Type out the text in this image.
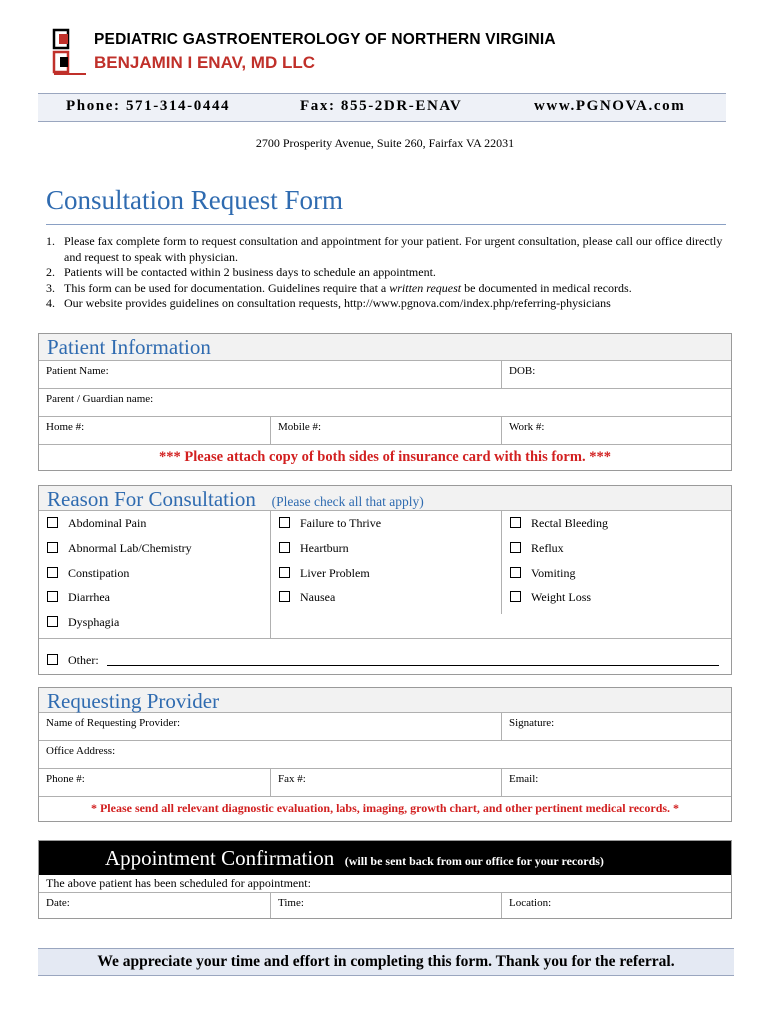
PEDIATRIC GASTROENTEROLOGY OF NORTHERN VIRGINIA
BENJAMIN I ENAV, MD LLC
Phone: 571-314-0444	Fax: 855-2DR-ENAV	www.PGNOVA.com
2700 Prosperity Avenue, Suite 260, Fairfax VA 22031
Consultation Request Form
1. Please fax complete form to request consultation and appointment for your patient. For urgent consultation, please call our office directly and request to speak with physician.
2. Patients will be contacted within 2 business days to schedule an appointment.
3. This form can be used for documentation. Guidelines require that a written request be documented in medical records.
4. Our website provides guidelines on consultation requests, http://www.pgnova.com/index.php/referring-physicians
Patient Information
Patient Name:	DOB:
Parent / Guardian name:
Home #:	Mobile #:	Work #:
*** Please attach copy of both sides of insurance card with this form. ***
Reason For Consultation (Please check all that apply)
Abdominal Pain
Abnormal Lab/Chemistry
Constipation
Diarrhea
Dysphagia
Failure to Thrive
Heartburn
Liver Problem
Nausea
Rectal Bleeding
Reflux
Vomiting
Weight Loss
Other:
Requesting Provider
Name of Requesting Provider:	Signature:
Office Address:
Phone #:	Fax #:	Email:
* Please send all relevant diagnostic evaluation, labs, imaging, growth chart, and other pertinent medical records. *
Appointment Confirmation (will be sent back from our office for your records)
The above patient has been scheduled for appointment:
Date:	Time:	Location:
We appreciate your time and effort in completing this form. Thank you for the referral.
